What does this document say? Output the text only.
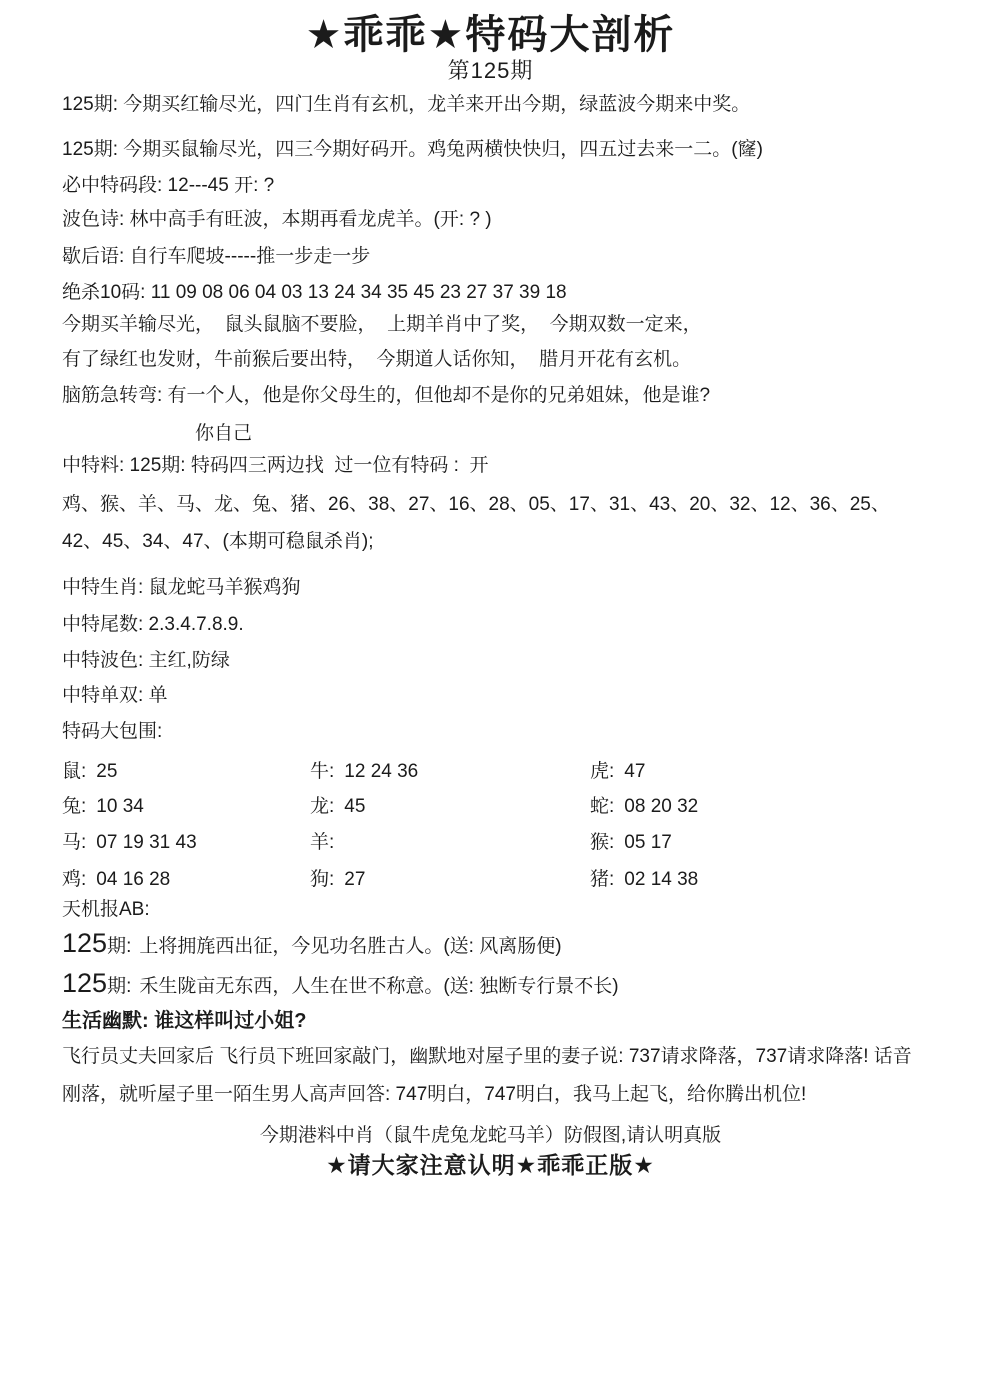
★乖乖★特码大剖析
第125期
125期: 今期买红输尽光，四门生肖有玄机，龙羊来开出今期，绿蓝波今期来中奖。
125期: 今期买鼠输尽光，四三今期好码开。鸡兔两横快快归，四五过去来一二。(窿)
必中特码段: 12---45 开: ?
波色诗: 林中高手有旺波，本期再看龙虎羊。(开: ? )
歇后语: 自行车爬坡-----推一步走一步
绝杀10码: 11 09 08 06 04 03 13 24 34 35 45 23 27 37 39 18
今期买羊输尽光，  鼠头鼠脑不要脸，  上期羊肖中了奖，  今期双数一定来，
有了绿红也发财，牛前猴后要出特，  今期道人话你知，  腊月开花有玄机。
脑筋急转弯: 有一个人，他是你父母生的，但他却不是你的兄弟姐妹，他是谁?
你自己
中特料: 125期: 特码四三两边找  过一位有特码 :  开
鸡、猴、羊、马、龙、兔、猪、26、38、27、16、28、05、17、31、43、20、32、12、36、25、
42、45、34、47、(本期可稳鼠杀肖);
中特生肖: 鼠龙蛇马羊猴鸡狗
中特尾数: 2.3.4.7.8.9.
中特波色: 主红,防绿
中特单双: 单
特码大包围:
鼠: 25	牛: 12 24 36	虎: 47
兔: 10 34	龙: 45	蛇: 08 20 32
马: 07 19 31 43	羊:	猴: 05 17
鸡: 04 16 28	狗: 27	猪: 02 14 38
天机报AB:
125期: 上将拥旄西出征，今见功名胜古人。(送: 风离肠便)
125期: 禾生陇亩无东西，人生在世不称意。(送: 独断专行景不长)
生活幽默: 谁这样叫过小姐?
飞行员丈夫回家后 飞行员下班回家敲门，幽默地对屋子里的妻子说: 737请求降落，737请求降落! 话音
刚落，就听屋子里一陌生男人高声回答: 747明白，747明白，我马上起飞，给你腾出机位!
今期港料中肖（鼠牛虎兔龙蛇马羊）防假图,请认明真版
★请大家注意认明★乖乖正版★
